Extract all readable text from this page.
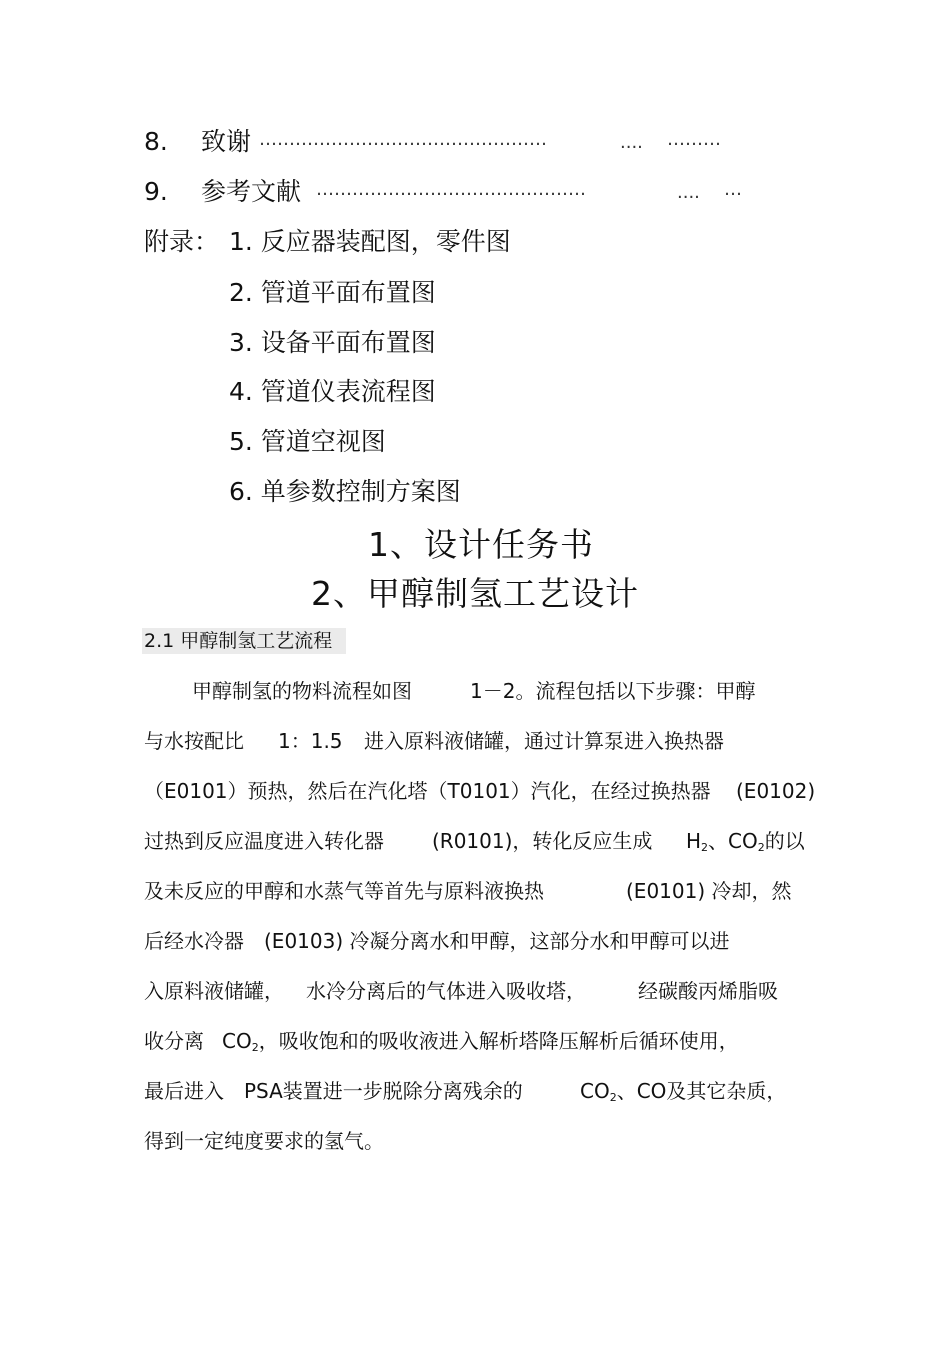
8. 致谢 …………………………………………	.... ………
9. 参考文献 ………………………………………	.... …
附录： 1. 反应器装配图，零件图
2. 管道平面布置图
3. 设备平面布置图
4. 管道仪表流程图
5. 管道空视图
6. 单参数控制方案图
1、设计任务书
2、甲醇制氢工艺设计
2.1 甲醇制氢工艺流程
甲醇制氢的物料流程如图	1－2。流程包括以下步骤：甲醇
与水按配比 1：1.5 进入原料液储罐，通过计算泵进入换热器
（E0101）预热，然后在汽化塔（T0101）汽化，在经过换热器 (E0102)
过热到反应温度进入转化器 (R0101)，转化反应生成 $H_2$、$CO_2$的以
及未反应的甲醇和水蒸气等首先与原料液换热	(E0101) 冷却，然
后经水冷器 (E0103) 冷凝分离水和甲醇，这部分水和甲醇可以进
入原料液储罐， 水冷分离后的气体进入吸收塔，	经碳酸丙烯脂吸
收分离 $CO_2$，吸收饱和的吸收液进入解析塔降压解析后循环使用，
最后进入 PSA装置进一步脱除分离残余的	$CO_2$、CO及其它杂质，
得到一定纯度要求的氢气。
